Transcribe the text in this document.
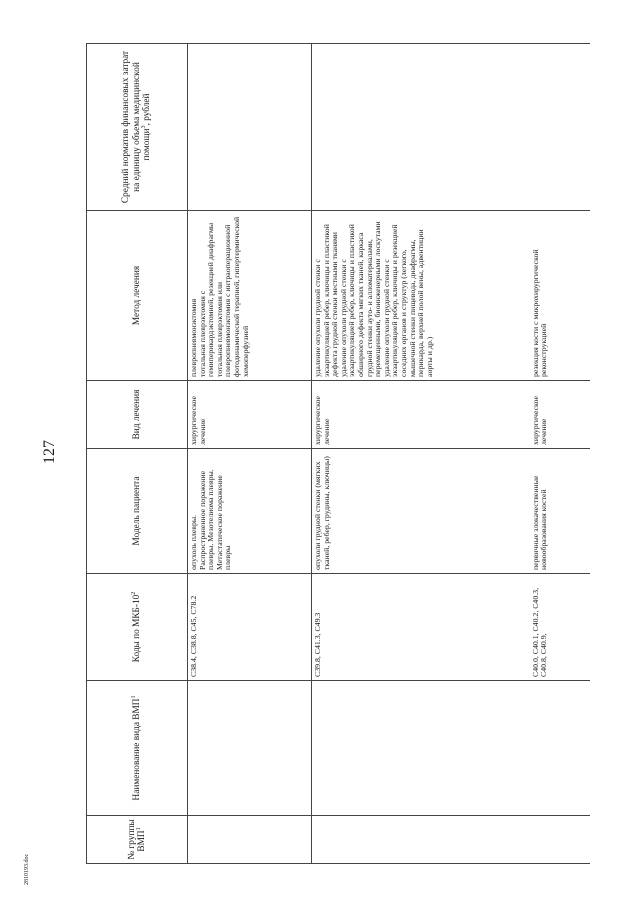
127
№ группы ВМП$^1$	Наименование вида ВМП$^1$	Коды по МКБ-$10^2$	Модель пациента	Вид лечения	Метод лечения	Средний норматив финансовых затрат на единицу объема медицинской помощи$^3$, рублей
		C38.4, C38.8, C45, C78.2	опухоль плевры. Распространенное поражение плевры. Мезотелиома плевры. Метастатическое поражение плевры	хирургическое лечение	плевропневмонэктомия тотальная плеврэктомия с гемиперикардэктомией, резекцией диафрагмы тотальная плеврэктомия или плевропневмонэктомия с интраоперационной фотодинамической терапией, гипертермической хемоперфузией	

		C39.8, C41.3, C49.3	опухоли грудной стенки (мягких тканей, ребер, грудины, ключицы)	хирургическое лечение	удаление опухоли грудной стенки с экзартикуляцией ребер, ключицы и пластикой дефекта грудной стенки местными тканями удаление опухоли грудной стенки с экзартикуляцией ребер, ключицы и пластикой обширного дефекта мягких тканей, каркаса грудной стенки ауто- и алломатериалами, перемещенными, биоинженерными лоскутами удаление опухоли грудной стенки с экзартикуляцией ребер, ключицы и резекцией соседних органов и структур (легкого, мышечной стенки пищевода, диафрагмы, перикарда, верхней полой вены, адвентиции аорты и др.)	

		C40.0, C40.1, C40.2, C40.3, C40.8, C40.9,	первичные злокачественные новообразования костей	хирургическое лечение	резекция кости с микрохирургической реконструкцией	

2810193.doc
